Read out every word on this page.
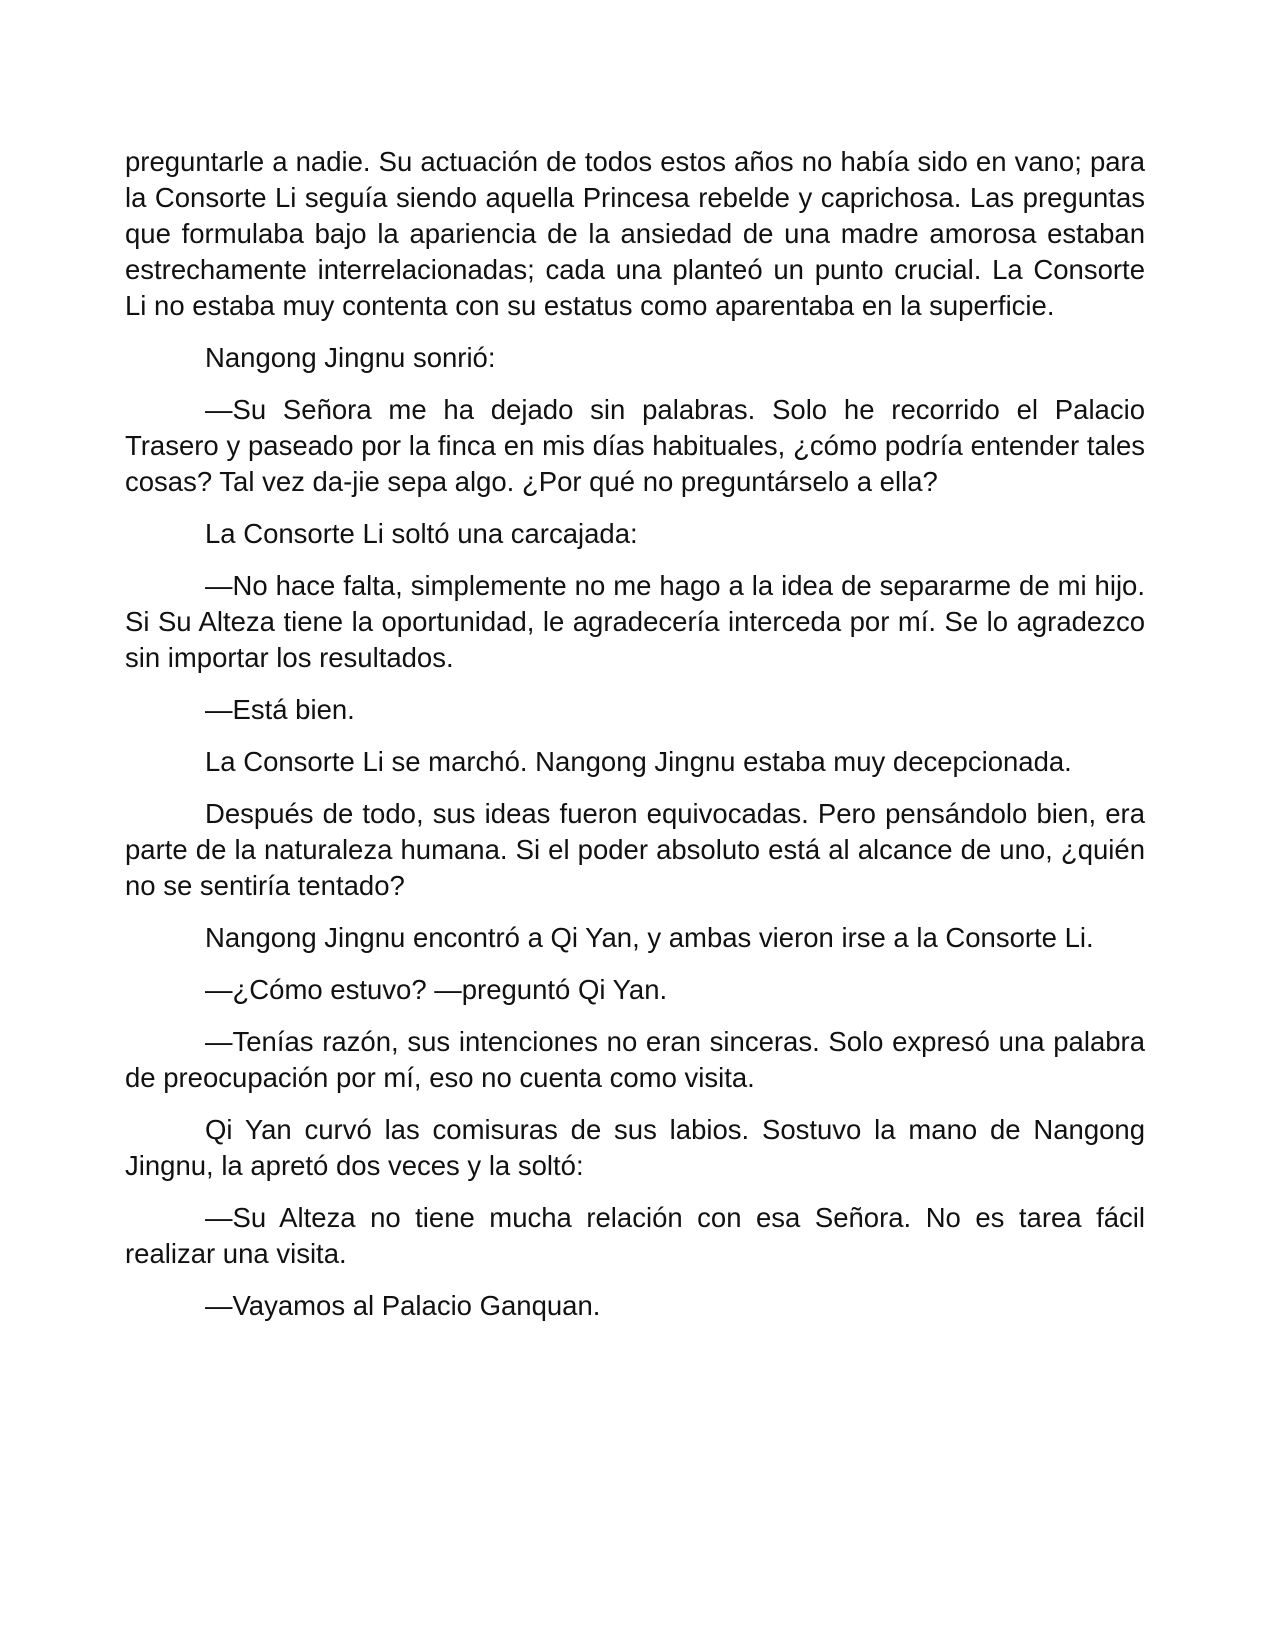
preguntarle a nadie. Su actuación de todos estos años no había sido en vano; para la Consorte Li seguía siendo aquella Princesa rebelde y caprichosa. Las preguntas que formulaba bajo la apariencia de la ansiedad de una madre amorosa estaban estrechamente interrelacionadas; cada una planteó un punto crucial. La Consorte Li no estaba muy contenta con su estatus como aparentaba en la superficie.

Nangong Jingnu sonrió:

—Su Señora me ha dejado sin palabras. Solo he recorrido el Palacio Trasero y paseado por la finca en mis días habituales, ¿cómo podría entender tales cosas? Tal vez da-jie sepa algo. ¿Por qué no preguntárselo a ella?

La Consorte Li soltó una carcajada:

—No hace falta, simplemente no me hago a la idea de separarme de mi hijo. Si Su Alteza tiene la oportunidad, le agradecería interceda por mí. Se lo agradezco sin importar los resultados.

—Está bien.

La Consorte Li se marchó. Nangong Jingnu estaba muy decepcionada.

Después de todo, sus ideas fueron equivocadas. Pero pensándolo bien, era parte de la naturaleza humana. Si el poder absoluto está al alcance de uno, ¿quién no se sentiría tentado?

Nangong Jingnu encontró a Qi Yan, y ambas vieron irse a la Consorte Li.

—¿Cómo estuvo? —preguntó Qi Yan.

—Tenías razón, sus intenciones no eran sinceras. Solo expresó una palabra de preocupación por mí, eso no cuenta como visita.

Qi Yan curvó las comisuras de sus labios. Sostuvo la mano de Nangong Jingnu, la apretó dos veces y la soltó:

—Su Alteza no tiene mucha relación con esa Señora. No es tarea fácil realizar una visita.

—Vayamos al Palacio Ganquan.
